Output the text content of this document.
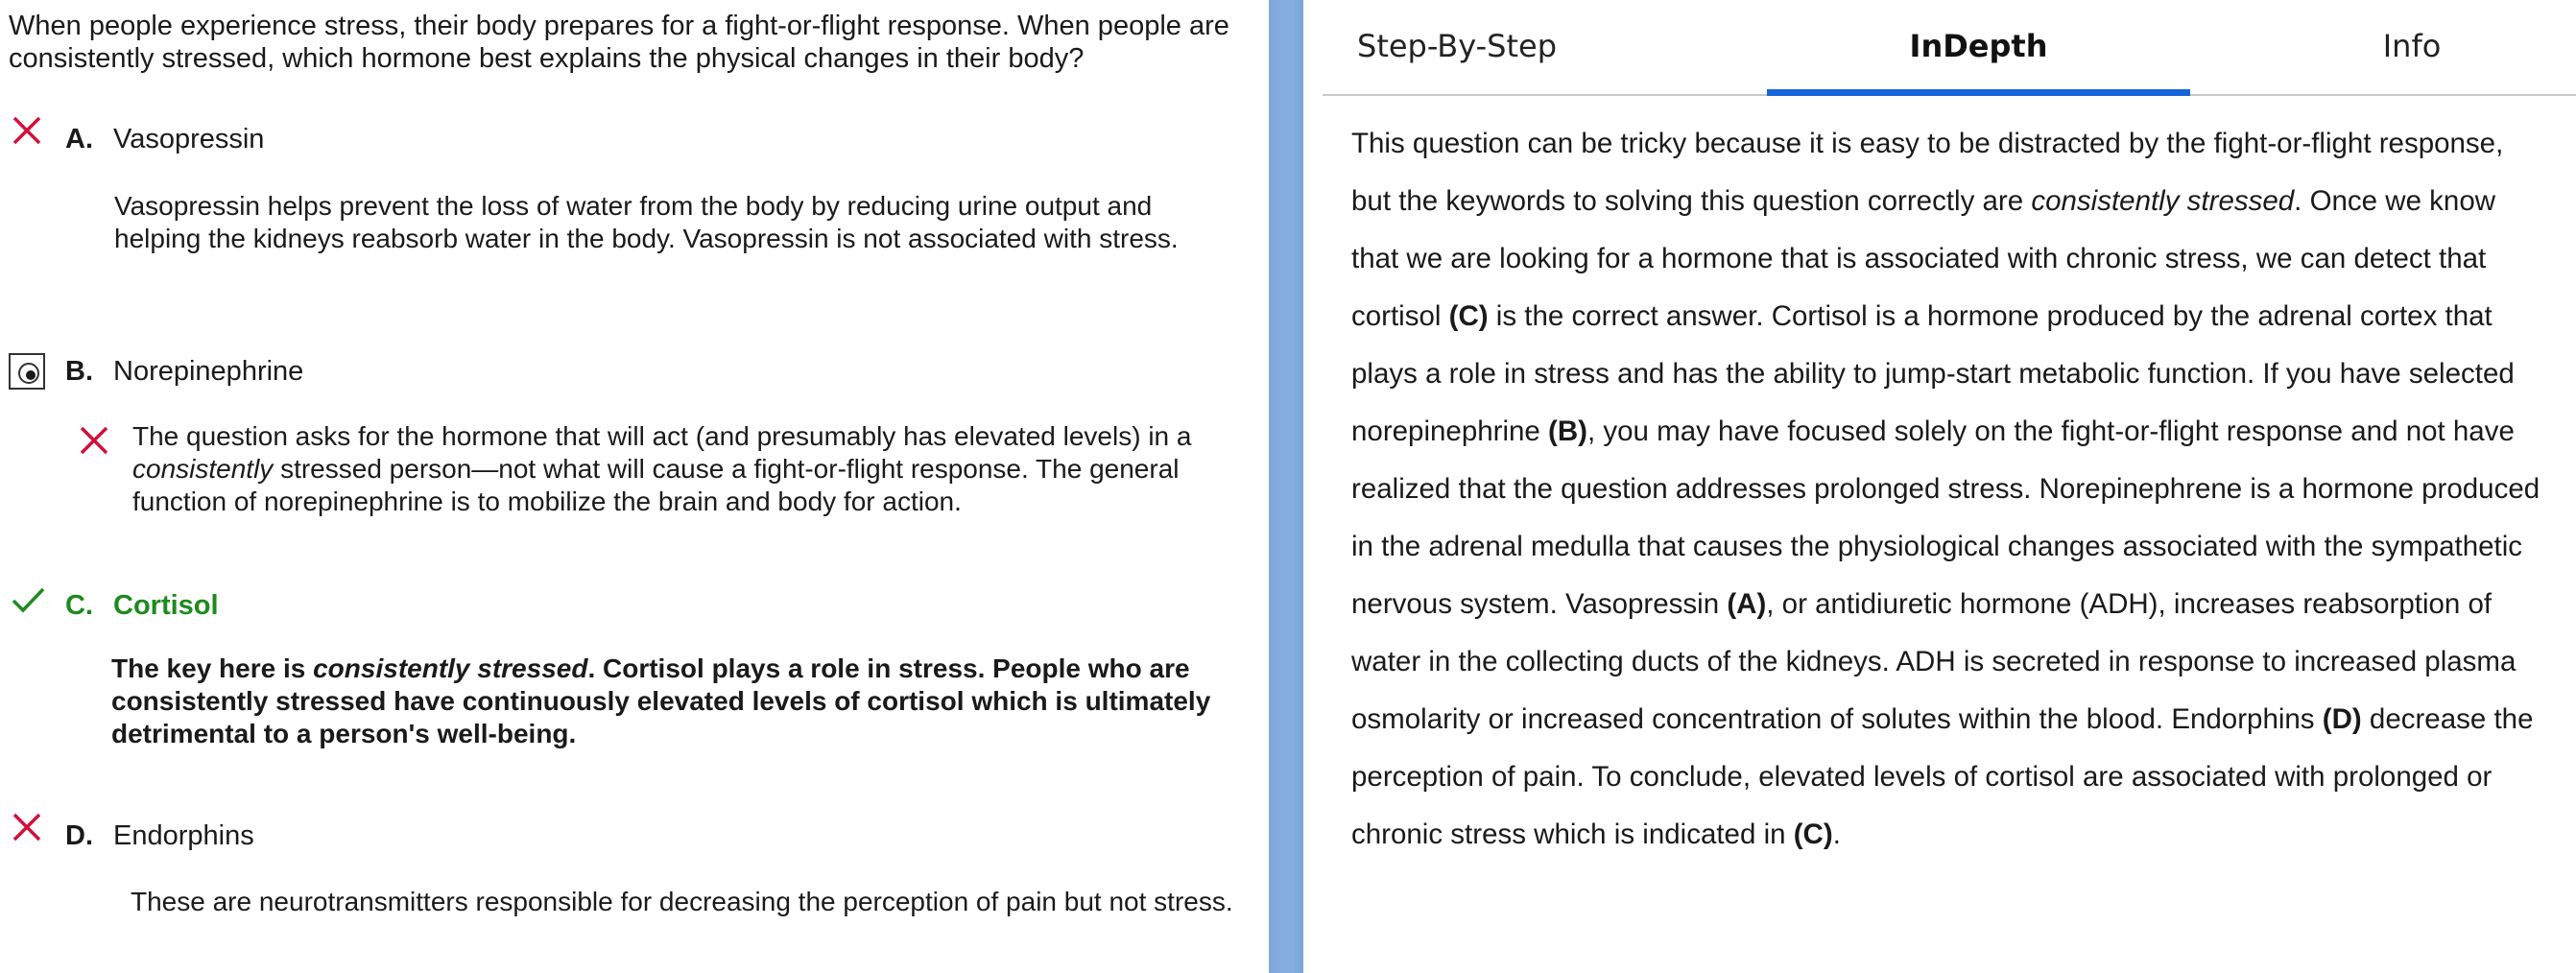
When people experience stress, their body prepares for a fight-or-flight response. When people are consistently stressed, which hormone best explains the physical changes in their body?
A. Vasopressin
Vasopressin helps prevent the loss of water from the body by reducing urine output and helping the kidneys reabsorb water in the body. Vasopressin is not associated with stress.
B. Norepinephrine
The question asks for the hormone that will act (and presumably has elevated levels) in a consistently stressed person—not what will cause a fight-or-flight response. The general function of norepinephrine is to mobilize the brain and body for action.
C. Cortisol
The key here is consistently stressed. Cortisol plays a role in stress. People who are consistently stressed have continuously elevated levels of cortisol which is ultimately detrimental to a person's well-being.
D. Endorphins
These are neurotransmitters responsible for decreasing the perception of pain but not stress.
Step-By-Step	InDepth	Info
This question can be tricky because it is easy to be distracted by the fight-or-flight response, but the keywords to solving this question correctly are consistently stressed. Once we know that we are looking for a hormone that is associated with chronic stress, we can detect that cortisol (C) is the correct answer. Cortisol is a hormone produced by the adrenal cortex that plays a role in stress and has the ability to jump-start metabolic function. If you have selected norepinephrine (B), you may have focused solely on the fight-or-flight response and not have realized that the question addresses prolonged stress. Norepinephrene is a hormone produced in the adrenal medulla that causes the physiological changes associated with the sympathetic nervous system. Vasopressin (A), or antidiuretic hormone (ADH), increases reabsorption of water in the collecting ducts of the kidneys. ADH is secreted in response to increased plasma osmolarity or increased concentration of solutes within the blood. Endorphins (D) decrease the perception of pain. To conclude, elevated levels of cortisol are associated with prolonged or chronic stress which is indicated in (C).
